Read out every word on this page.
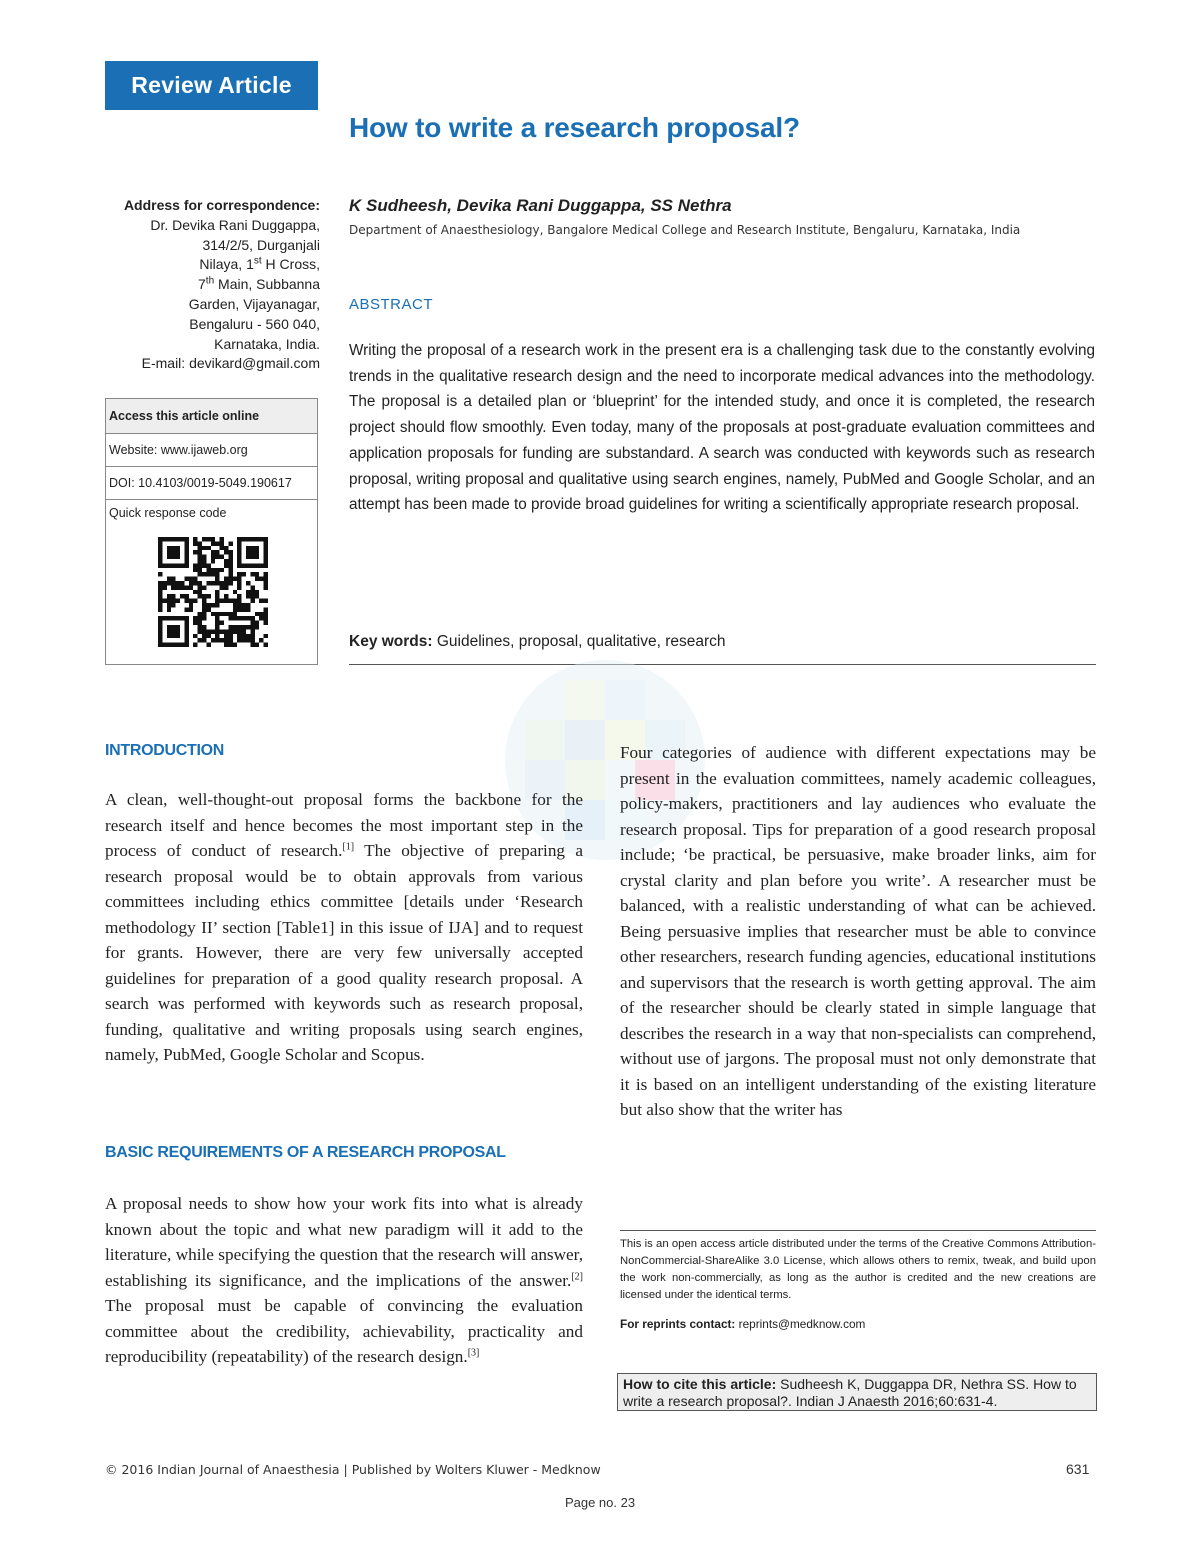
Review Article
How to write a research proposal?
Address for correspondence:
Dr. Devika Rani Duggappa,
314/2/5, Durganjali
Nilaya, 1st H Cross,
7th Main, Subbanna
Garden, Vijayanagar,
Bengaluru - 560 040,
Karnataka, India.
E-mail: devikard@gmail.com
Access this article online
Website: www.ijaweb.org
DOI: 10.4103/0019-5049.190617
Quick response code
K Sudheesh, Devika Rani Duggappa, SS Nethra
Department of Anaesthesiology, Bangalore Medical College and Research Institute, Bengaluru, Karnataka, India
ABSTRACT
Writing the proposal of a research work in the present era is a challenging task due to the constantly evolving trends in the qualitative research design and the need to incorporate medical advances into the methodology. The proposal is a detailed plan or ‘blueprint’ for the intended study, and once it is completed, the research project should flow smoothly. Even today, many of the proposals at post-graduate evaluation committees and application proposals for funding are substandard. A search was conducted with keywords such as research proposal, writing proposal and qualitative using search engines, namely, PubMed and Google Scholar, and an attempt has been made to provide broad guidelines for writing a scientifically appropriate research proposal.
Key words: Guidelines, proposal, qualitative, research
INTRODUCTION
A clean, well-thought-out proposal forms the backbone for the research itself and hence becomes the most important step in the process of conduct of research.[1] The objective of preparing a research proposal would be to obtain approvals from various committees including ethics committee [details under ‘Research methodology II’ section [Table1] in this issue of IJA] and to request for grants. However, there are very few universally accepted guidelines for preparation of a good quality research proposal. A search was performed with keywords such as research proposal, funding, qualitative and writing proposals using search engines, namely, PubMed, Google Scholar and Scopus.
BASIC REQUIREMENTS OF A RESEARCH PROPOSAL
A proposal needs to show how your work fits into what is already known about the topic and what new paradigm will it add to the literature, while specifying the question that the research will answer, establishing its significance, and the implications of the answer.[2] The proposal must be capable of convincing the evaluation committee about the credibility, achievability, practicality and reproducibility (repeatability) of the research design.[3]
Four categories of audience with different expectations may be present in the evaluation committees, namely academic colleagues, policy-makers, practitioners and lay audiences who evaluate the research proposal. Tips for preparation of a good research proposal include; ‘be practical, be persuasive, make broader links, aim for crystal clarity and plan before you write’. A researcher must be balanced, with a realistic understanding of what can be achieved. Being persuasive implies that researcher must be able to convince other researchers, research funding agencies, educational institutions and supervisors that the research is worth getting approval. The aim of the researcher should be clearly stated in simple language that describes the research in a way that non-specialists can comprehend, without use of jargons. The proposal must not only demonstrate that it is based on an intelligent understanding of the existing literature but also show that the writer has
This is an open access article distributed under the terms of the Creative Commons Attribution-NonCommercial-ShareAlike 3.0 License, which allows others to remix, tweak, and build upon the work non-commercially, as long as the author is credited and the new creations are licensed under the identical terms.
For reprints contact: reprints@medknow.com
How to cite this article: Sudheesh K, Duggappa DR, Nethra SS. How to write a research proposal?. Indian J Anaesth 2016;60:631-4.
© 2016 Indian Journal of Anaesthesia | Published by Wolters Kluwer - Medknow	631
Page no. 23
